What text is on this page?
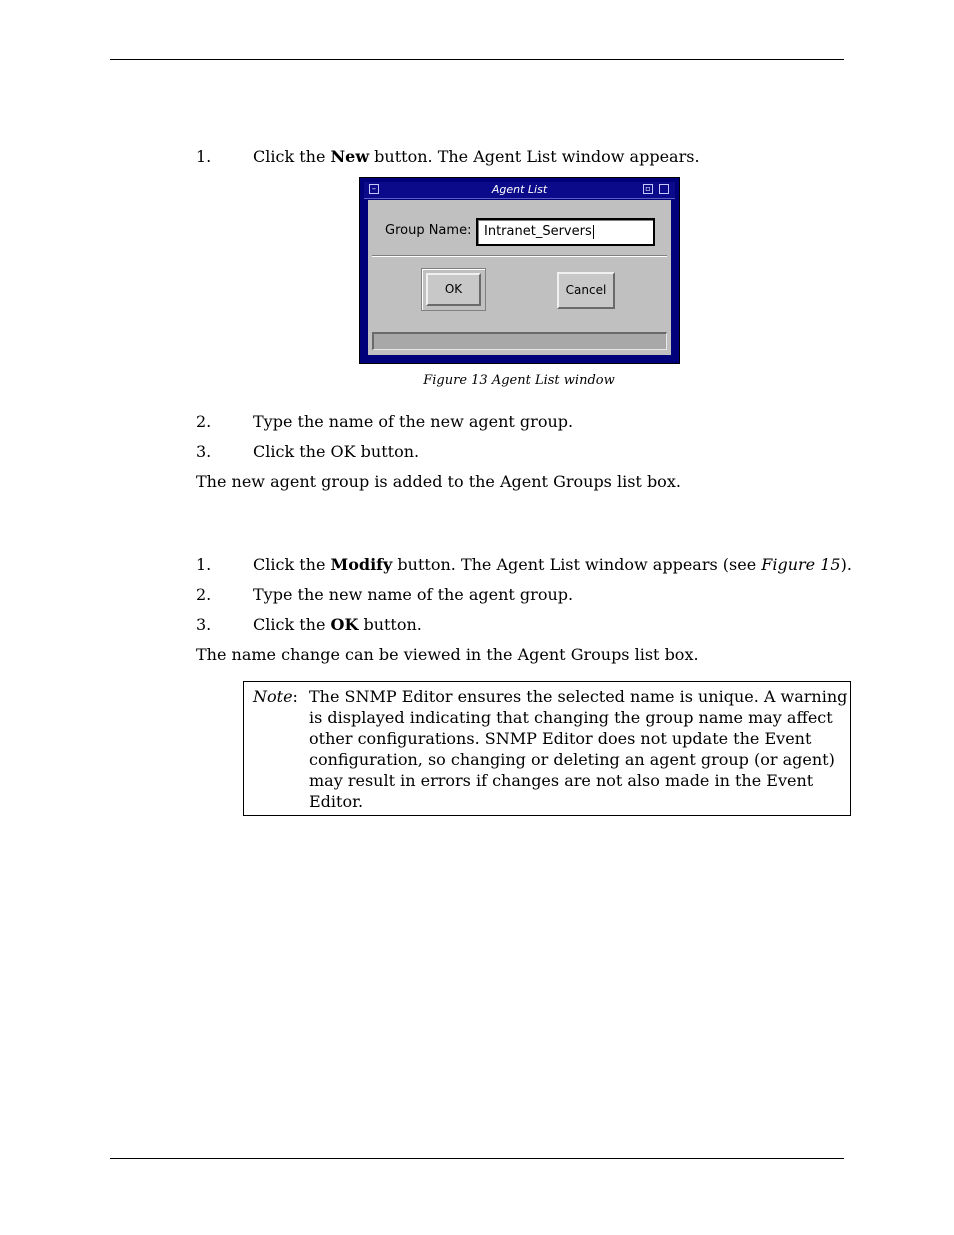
1.	Click the New button. The Agent List window appears.
–	Agent List	▫
Group Name: Intranet_Servers
OK	Cancel
Figure 13 Agent List window
2.	Type the name of the new agent group.
3.	Click the OK button.
The new agent group is added to the Agent Groups list box.
1.	Click the Modify button. The Agent List window appears (see Figure 15).
2.	Type the new name of the agent group.
3.	Click the OK button.
The name change can be viewed in the Agent Groups list box.
Note: The SNMP Editor ensures the selected name is unique. A warning
is displayed indicating that changing the group name may affect
other configurations. SNMP Editor does not update the Event
configuration, so changing or deleting an agent group (or agent)
may result in errors if changes are not also made in the Event
Editor.
